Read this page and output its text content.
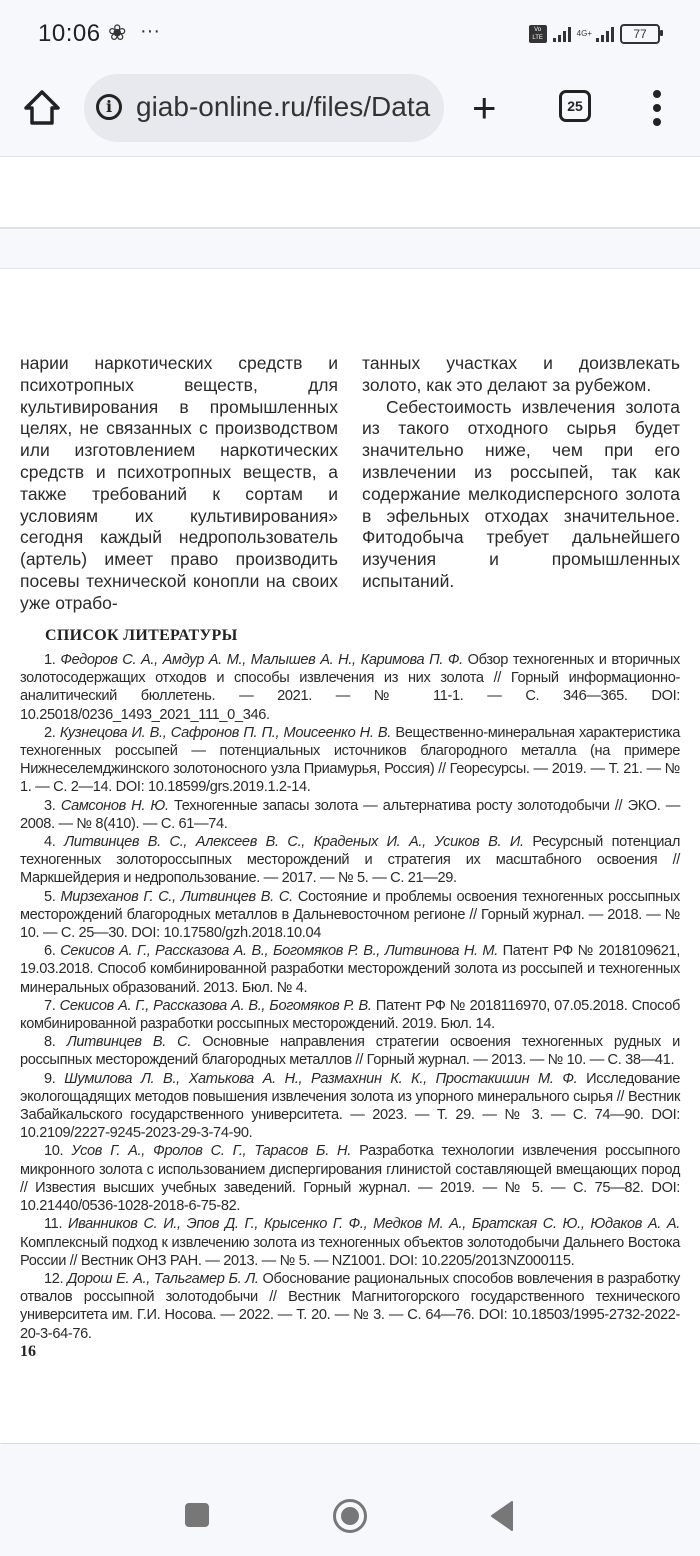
10:06 ❀ ···	Vo LTE	4G+	77
i giab-online.ru/files/Data +	25

нарии наркотических средств и психотропных веществ, для культивирования в промышленных целях, не связанных с производством или изготовлением наркотических средств и психотропных веществ, а также требований к сортам и условиям их культивирования» сегодня каждый недропользователь (артель) имеет право производить посевы технической конопли на своих уже отрабо-

танных участках и доизвлекать золото, как это делают за рубежом.

Себестоимость извлечения золота из такого отходного сырья будет значительно ниже, чем при его извлечении из россыпей, так как содержание мелкодисперсного золота в эфельных отходах значительное. Фитодобыча требует дальнейшего изучения и промышленных испытаний.

СПИСОК ЛИТЕРАТУРЫ

1. Федоров С. А., Амдур А. М., Малышев А. Н., Каримова П. Ф. Обзор техногенных и вторичных золотосодержащих отходов и способы извлечения из них золота // Горный информационно-аналитический бюллетень. — 2021. — № 11-1. — С. 346—365. DOI: 10.25018/0236_1493_2021_111_0_346.

2. Кузнецова И. В., Сафронов П. П., Моисеенко Н. В. Вещественно-минеральная характеристика техногенных россыпей — потенциальных источников благородного металла (на примере Нижнеселемджинского золотоносного узла Приамурья, Россия) // Георесурсы. — 2019. — Т. 21. — № 1. — С. 2—14. DOI: 10.18599/grs.2019.1.2-14.

3. Самсонов Н. Ю. Техногенные запасы золота — альтернатива росту золотодобычи // ЭКО. — 2008. — № 8(410). — С. 61—74.

4. Литвинцев В. С., Алексеев В. С., Краденых И. А., Усиков В. И. Ресурсный потенциал техногенных золотороссыпных месторождений и стратегия их масштабного освоения // Маркшейдерия и недропользование. — 2017. — № 5. — С. 21—29.

5. Мирзеханов Г. С., Литвинцев В. С. Состояние и проблемы освоения техногенных россыпных месторождений благородных металлов в Дальневосточном регионе // Горный журнал. — 2018. — № 10. — С. 25—30. DOI: 10.17580/gzh.2018.10.04

6. Секисов А. Г., Рассказова А. В., Богомяков Р. В., Литвинова Н. М. Патент РФ № 2018109621, 19.03.2018. Способ комбинированной разработки месторождений золота из россыпей и техногенных минеральных образований. 2013. Бюл. № 4.

7. Секисов А. Г., Рассказова А. В., Богомяков Р. В. Патент РФ № 2018116970, 07.05.2018. Способ комбинированной разработки россыпных месторождений. 2019. Бюл. 14.

8. Литвинцев В. С. Основные направления стратегии освоения техногенных рудных и россыпных месторождений благородных металлов // Горный журнал. — 2013. — № 10. — С. 38—41.

9. Шумилова Л. В., Хатькова А. Н., Размахнин К. К., Простакишин М. Ф. Исследование экологощадящих методов повышения извлечения золота из упорного минерального сырья // Вестник Забайкальского государственного университета. — 2023. — Т. 29. — № 3. — С. 74—90. DOI: 10.2109/2227-9245-2023-29-3-74-90.

10. Усов Г. А., Фролов С. Г., Тарасов Б. Н. Разработка технологии извлечения россыпного микронного золота с использованием диспергирования глинистой составляющей вмещающих пород // Известия высших учебных заведений. Горный журнал. — 2019. — № 5. — С. 75—82. DOI: 10.21440/0536-1028-2018-6-75-82.

11. Иванников С. И., Эпов Д. Г., Крысенко Г. Ф., Медков М. А., Братская С. Ю., Юдаков А. А. Комплексный подход к извлечению золота из техногенных объектов золотодобычи Дальнего Востока России // Вестник ОНЗ РАН. — 2013. — № 5. — NZ1001. DOI: 10.2205/2013NZ000115.

12. Дорош Е. А., Тальгамер Б. Л. Обоснование рациональных способов вовлечения в разработку отвалов россыпной золотодобычи // Вестник Магнитогорского государственного технического университета им. Г.И. Носова. — 2022. — Т. 20. — № 3. — С. 64—76. DOI: 10.18503/1995-2732-2022-20-3-64-76.

16
